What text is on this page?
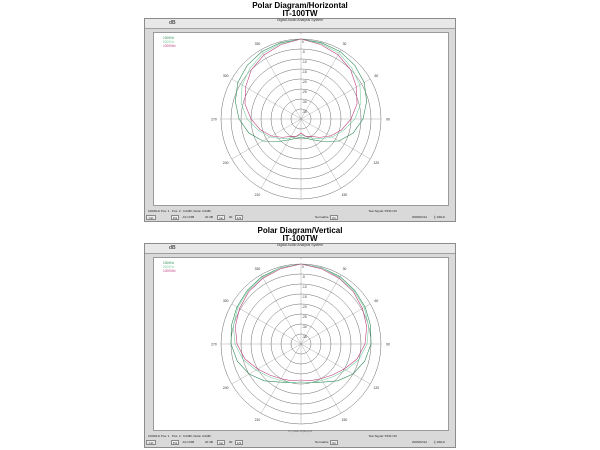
Polar Diagram/Horizontal
IT-100TW
dB	Digital Audio Analysis System
0
-5
-10
-15
-20
-25
-30
-35
30
60
90
120
150
210
240
270
300
330
1000Hz
5000Hz
10000Hz
10000Hz Pos: 1 · Pos: 2 : 0.0dBr, Delta: 0.0dBr	Test Signal: PINK.NO
Ctrl	Poi	-10.17dB	20 dB	Inc	90	1/3	Normalize	On	2006/02/12 ∥ 100Hz
Polar Diagram/Vertical
IT-100TW
dB	Digital Audio Analysis System
0
-5
-10
-15
-20
-25
-30
-35
30
60
90
120
150
210
240
270
300
330
1000Hz
5000Hz
10000Hz
10000Hz Pos: 1 · Pos: 2 : 0.0dBr, Delta: 0.0dBr	Test Signal: PINK.NO
ht. polar-cliplot pd
Ctrl	Poi	-10.17dB	20 dB	Inc	90	1/3	Normalize	On	2006/02/12 ∥ 100Hz
